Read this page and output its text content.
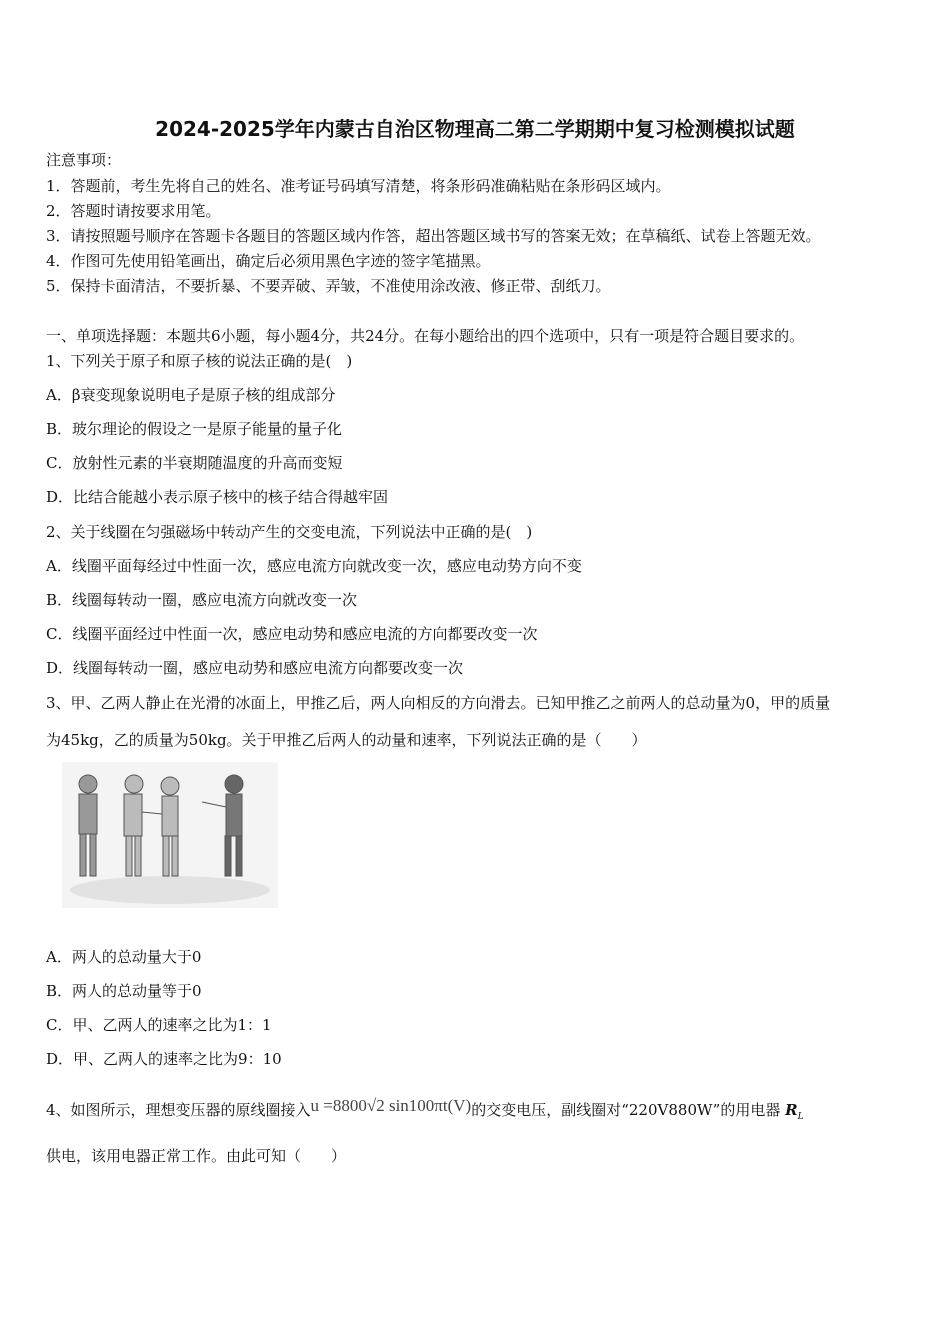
2024-2025学年内蒙古自治区物理高二第二学期期中复习检测模拟试题
注意事项：
1．答题前，考生先将自己的姓名、准考证号码填写清楚，将条形码准确粘贴在条形码区域内。
2．答题时请按要求用笔。
3．请按照题号顺序在答题卡各题目的答题区域内作答，超出答题区域书写的答案无效；在草稿纸、试卷上答题无效。
4．作图可先使用铅笔画出，确定后必须用黑色字迹的签字笔描黑。
5．保持卡面清洁，不要折暴、不要弄破、弄皱，不准使用涂改液、修正带、刮纸刀。
一、单项选择题：本题共6小题，每小题4分，共24分。在每小题给出的四个选项中，只有一项是符合题目要求的。
1、下列关于原子和原子核的说法正确的是(　)
A．β衰变现象说明电子是原子核的组成部分
B．玻尔理论的假设之一是原子能量的量子化
C．放射性元素的半衰期随温度的升高而变短
D．比结合能越小表示原子核中的核子结合得越牢固
2、关于线圈在匀强磁场中转动产生的交变电流，下列说法中正确的是(　)
A．线圈平面每经过中性面一次，感应电流方向就改变一次，感应电动势方向不变
B．线圈每转动一圈，感应电流方向就改变一次
C．线圈平面经过中性面一次，感应电动势和感应电流的方向都要改变一次
D．线圈每转动一圈，感应电动势和感应电流方向都要改变一次
3、甲、乙两人静止在光滑的冰面上，甲推乙后，两人向相反的方向滑去。已知甲推乙之前两人的总动量为0，甲的质量
为45kg，乙的质量为50kg。关于甲推乙后两人的动量和速率，下列说法正确的是（　　）
A．两人的总动量大于0
B．两人的总动量等于0
C．甲、乙两人的速率之比为1：1
D．甲、乙两人的速率之比为9：10
4、如图所示，理想变压器的原线圈接入u =8800√2 sin100πt(V)的交变电压，副线圈对“220V880W”的用电器 $R_L$
供电，该用电器正常工作。由此可知（　　）
